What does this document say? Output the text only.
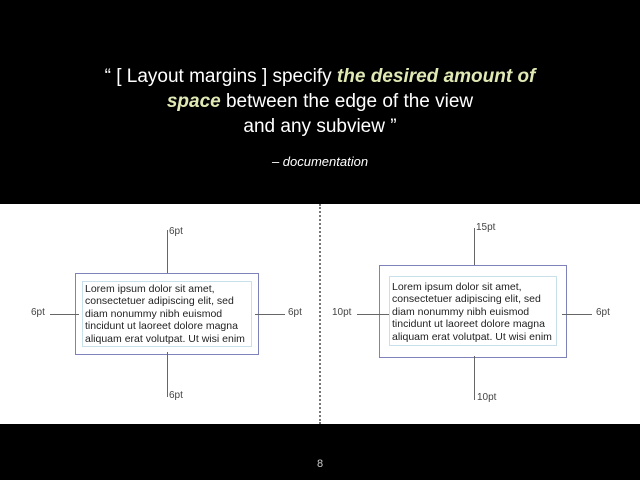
“ [ Layout margins ] specify the desired amount of
space between the edge of the view
and any subview ”
– documentation
Lorem ipsum dolor sit amet, consectetuer adipiscing elit, sed diam nonummy nibh euismod tincidunt ut laoreet dolore magna aliquam erat volutpat. Ut wisi enim
6pt
6pt	6pt
6pt
Lorem ipsum dolor sit amet, consectetuer adipiscing elit, sed diam nonummy nibh euismod tincidunt ut laoreet dolore magna aliquam erat volutpat. Ut wisi enim
15pt
10pt	6pt
10pt
8
